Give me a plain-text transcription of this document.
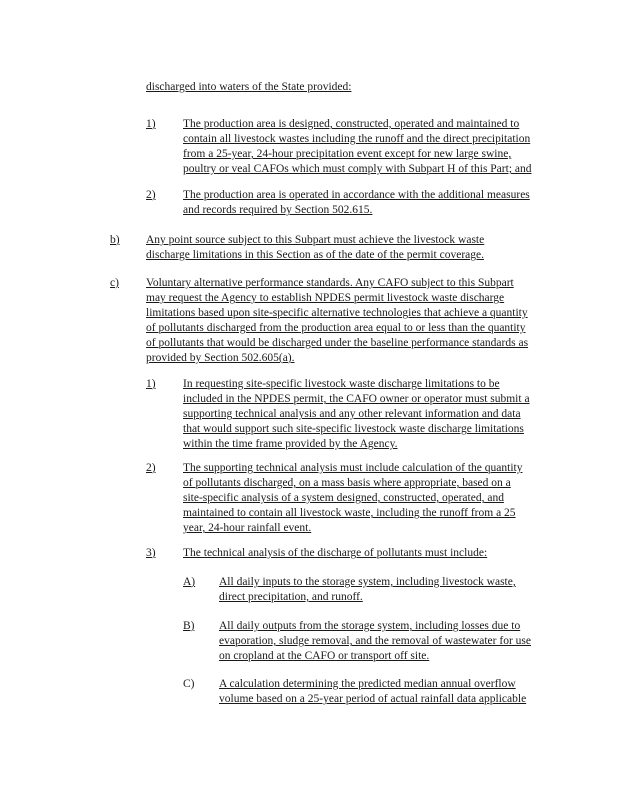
discharged into waters of the State provided:
1) The production area is designed, constructed, operated and maintained to
contain all livestock wastes including the runoff and the direct precipitation
from a 25-year, 24-hour precipitation event except for new large swine,
poultry or veal CAFOs which must comply with Subpart H of this Part; and
2) The production area is operated in accordance with the additional measures
and records required by Section 502.615.
b) Any point source subject to this Subpart must achieve the livestock waste
discharge limitations in this Section as of the date of the permit coverage.
c) Voluntary alternative performance standards. Any CAFO subject to this Subpart
may request the Agency to establish NPDES permit livestock waste discharge
limitations based upon site-specific alternative technologies that achieve a quantity
of pollutants discharged from the production area equal to or less than the quantity
of pollutants that would be discharged under the baseline performance standards as
provided by Section 502.605(a).
1) In requesting site-specific livestock waste discharge limitations to be
included in the NPDES permit, the CAFO owner or operator must submit a
supporting technical analysis and any other relevant information and data
that would support such site-specific livestock waste discharge limitations
within the time frame provided by the Agency.
2) The supporting technical analysis must include calculation of the quantity
of pollutants discharged, on a mass basis where appropriate, based on a
site-specific analysis of a system designed, constructed, operated, and
maintained to contain all livestock waste, including the runoff from a 25
year, 24-hour rainfall event.
3) The technical analysis of the discharge of pollutants must include:
A) All daily inputs to the storage system, including livestock waste,
direct precipitation, and runoff.
B) All daily outputs from the storage system, including losses due to
evaporation, sludge removal, and the removal of wastewater for use
on cropland at the CAFO or transport off site.
C) A calculation determining the predicted median annual overflow
volume based on a 25-year period of actual rainfall data applicable
